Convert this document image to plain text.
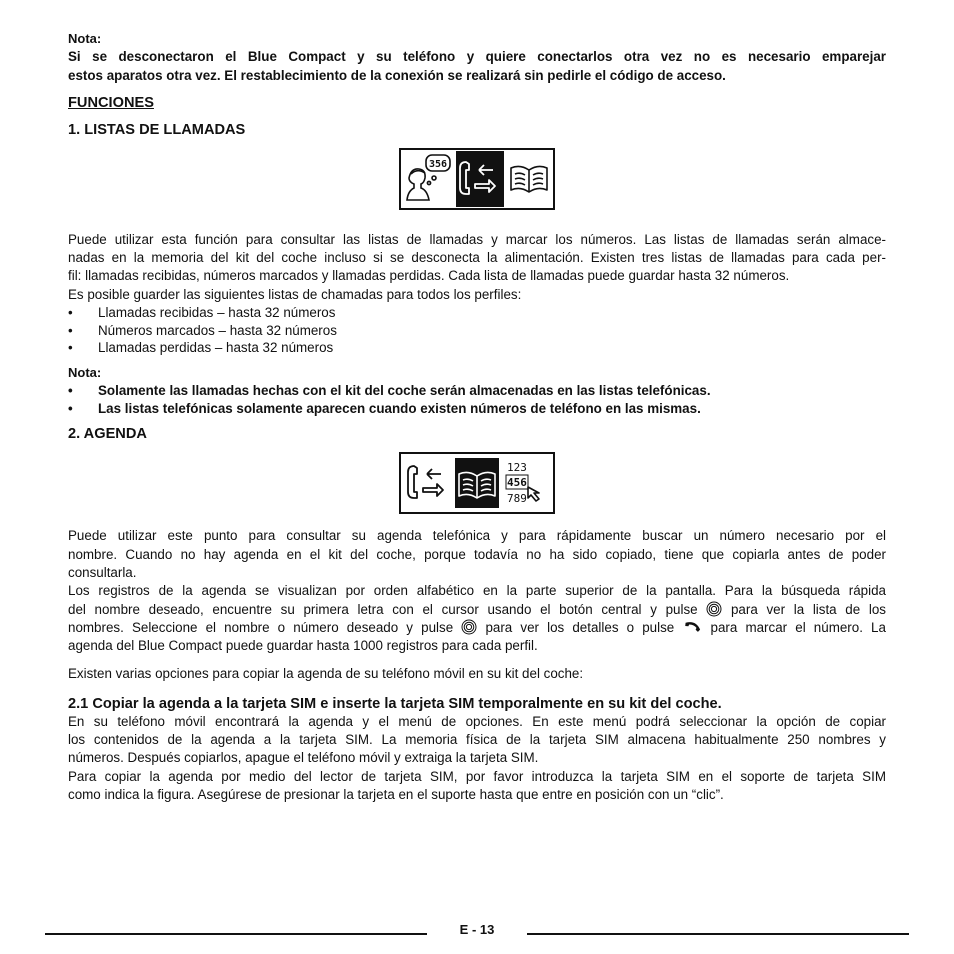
Nota:

Si se desconectaron el Blue Compact y su teléfono y quiere conectarlos otra vez no es necesario emparejar

estos aparatos otra vez. El restablecimiento de la conexión se realizará sin pedirle el código de acceso.

FUNCIONES

1. LISTAS DE LLAMADAS

356

Puede utilizar esta función para consultar las listas de llamadas y marcar los números. Las listas de llamadas serán almace-

nadas en la memoria del kit del coche incluso si se desconecta la alimentación. Existen tres listas de llamadas para cada per-

fil: llamadas recibidas, números marcados y llamadas perdidas. Cada lista de llamadas puede guardar hasta 32 números.

Es posible guarder las siguientes listas de chamadas para todos los perfiles:

• Llamadas recibidas – hasta 32 números
• Números marcados – hasta 32 números
• Llamadas perdidas – hasta 32 números

Nota:

• Solamente las llamadas hechas con el kit del coche serán almacenadas en las listas telefónicas.
• Las listas telefónicas solamente aparecen cuando existen números de teléfono en las mismas.

2. AGENDA

123
456
789

Puede utilizar este punto para consultar su agenda telefónica y para rápidamente buscar un número necesario por el

nombre. Cuando no hay agenda en el kit del coche, porque todavía no ha sido copiado, tiene que copiarla antes de poder

consultarla.

Los registros de la agenda se visualizan por orden alfabético en la parte superior de la pantalla. Para la búsqueda rápida

del nombre deseado, encuentre su primera letra con el cursor usando el botón central y pulse para ver la lista de los

nombres. Seleccione el nombre o número deseado y pulse para ver los detalles o pulse	para marcar el número. La

agenda del Blue Compact puede guardar hasta 1000 registros para cada perfil.

Existen varias opciones para copiar la agenda de su teléfono móvil en su kit del coche:

2.1 Copiar la agenda a la tarjeta SIM e inserte la tarjeta SIM temporalmente en su kit del coche.

En su teléfono móvil encontrará la agenda y el menú de opciones. En este menú podrá seleccionar la opción de copiar

los contenidos de la agenda a la tarjeta SIM. La memoria física de la tarjeta SIM almacena habitualmente 250 nombres y

números. Después copiarlos, apague el teléfono móvil y extraiga la tarjeta SIM.

Para copiar la agenda por medio del lector de tarjeta SIM, por favor introduzca la tarjeta SIM en el soporte de tarjeta SIM

como indica la figura. Asegúrese de presionar la tarjeta en el suporte hasta que entre en posición con un “clic”.

E - 13
